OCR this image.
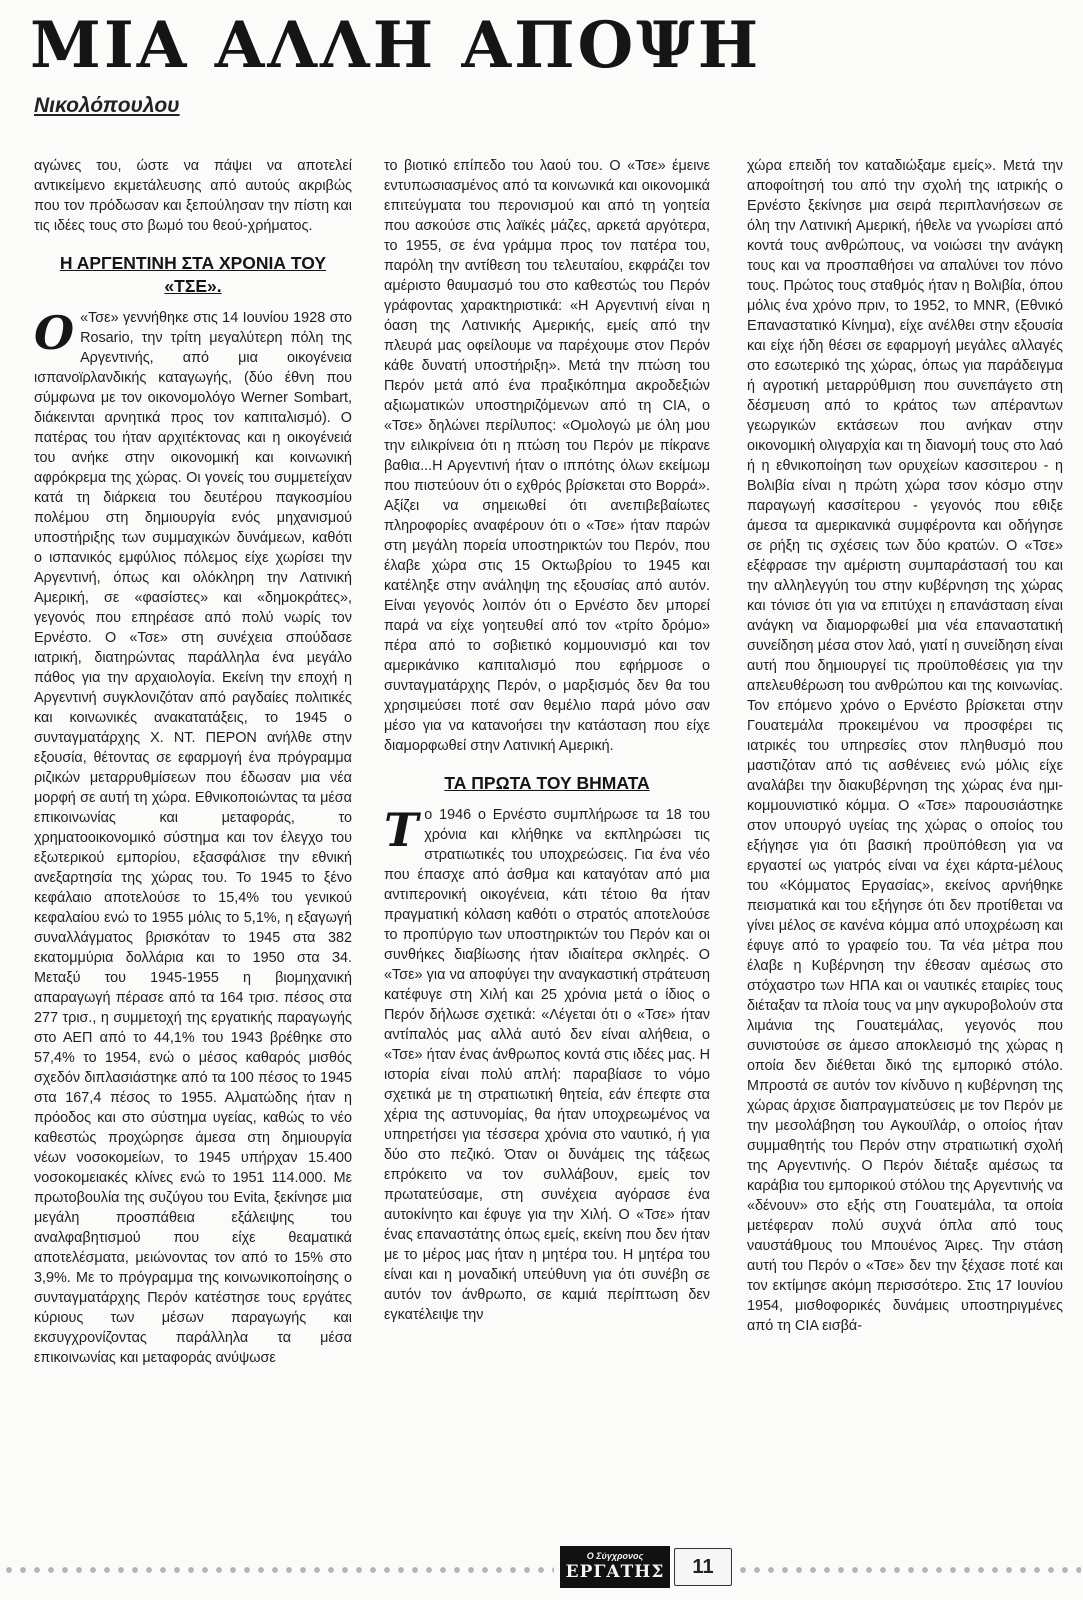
ΜΙΑ ΑΛΛΗ ΑΠΟΨΗ
Νικολόπουλου

αγώνες του, ώστε να πάψει να αποτελεί αντικείμενο εκμετάλευσης από αυτούς ακριβώς που τον πρόδωσαν και ξεπούλησαν την πίστη και τις ιδέες τους στο βωμό του θεού-χρήματος.

Η ΑΡΓΕΝΤΙΝΗ ΣΤΑ ΧΡΟΝΙΑ ΤΟΥ «ΤΣΕ».

Ο «Τσε» γεννήθηκε στις 14 Ιουνίου 1928 στο Rosario, την τρίτη μεγαλύτερη πόλη της Αργεντινής, από μια οικογένεια ισπανοϊρλανδικής καταγωγής, (δύο έθνη που σύμφωνα με τον οικονομολόγο Werner Sombart, διάκεινται αρνητικά προς τον καπιταλισμό). Ο πατέρας του ήταν αρχιτέκτονας και η οικογένειά του ανήκε στην οικονομική και κοινωνική αφρόκρεμα της χώρας. Οι γονείς του συμμετείχαν κατά τη διάρκεια του δευτέρου παγκοσμίου πολέμου στη δημιουργία ενός μηχανισμού υποστήριξης των συμμαχικών δυνάμεων, καθότι ο ισπανικός εμφύλιος πόλεμος είχε χωρίσει την Αργεντινή, όπως και ολόκληρη την Λατινική Αμερική, σε «φασίστες» και «δημοκράτες», γεγονός που επηρέασε από πολύ νωρίς τον Ερνέστο. Ο «Τσε» στη συνέχεια σπούδασε ιατρική, διατηρώντας παράλληλα ένα μεγάλο πάθος για την αρχαιολογία. Εκείνη την εποχή η Αργεντινή συγκλονιζόταν από ραγδαίες πολιτικές και κοινωνικές ανακατατάξεις, το 1945 ο συνταγματάρχης Χ. ΝΤ. ΠΕΡΟΝ ανήλθε στην εξουσία, θέτοντας σε εφαρμογή ένα πρόγραμμα ριζικών μεταρρυθμίσεων που έδωσαν μια νέα μορφή σε αυτή τη χώρα. Εθνικοποιώντας τα μέσα επικοινωνίας και μεταφοράς, το χρηματοοικονομικό σύστημα και τον έλεγχο του εξωτερικού εμπορίου, εξασφάλισε την εθνική ανεξαρτησία της χώρας του. Το 1945 το ξένο κεφάλαιο αποτελούσε το 15,4% του γενικού κεφαλαίου ενώ το 1955 μόλις το 5,1%, η εξαγωγή συναλλάγματος βρισκόταν το 1945 στα 382 εκατομμύρια δολλάρια και το 1950 στα 34. Μεταξύ του 1945-1955 η βιομηχανική απαραγωγή πέρασε από τα 164 τρισ. πέσος στα 277 τρισ., η συμμετοχή της εργατικής παραγωγής στο ΑΕΠ από το 44,1% του 1943 βρέθηκε στο 57,4% το 1954, ενώ ο μέσος καθαρός μισθός σχεδόν διπλασιάστηκε από τα 100 πέσος το 1945 στα 167,4 πέσος το 1955. Αλματώδης ήταν η πρόοδος και στο σύστημα υγείας, καθώς το νέο καθεστώς προχώρησε άμεσα στη δημιουργία νέων νοσοκομείων, το 1945 υπήρχαν 15.400 νοσοκομειακές κλίνες ενώ το 1951 114.000. Με πρωτοβουλία της συζύγου του Evita, ξεκίνησε μια μεγάλη προσπάθεια εξάλειψης του αναλφαβητισμού που είχε θεαματικά αποτελέσματα, μειώνοντας τον από το 15% στο 3,9%. Με το πρόγραμμα της κοινωνικοποίησης ο συνταγματάρχης Περόν κατέστησε τους εργάτες κύριους των μέσων παραγωγής και εκσυγχρονίζοντας παράλληλα τα μέσα επικοινωνίας και μεταφοράς ανύψωσε

το βιοτικό επίπεδο του λαού του. Ο «Τσε» έμεινε εντυπωσιασμένος από τα κοινωνικά και οικονομικά επιτεύγματα του περονισμού και από τη γοητεία που ασκούσε στις λαϊκές μάζες, αρκετά αργότερα, το 1955, σε ένα γράμμα προς τον πατέρα του, παρόλη την αντίθεση του τελευταίου, εκφράζει τον αμέριστο θαυμασμό του στο καθεστώς του Περόν γράφοντας χαρακτηριστικά: «Η Αργεντινή είναι η όαση της Λατινικής Αμερικής, εμείς από την πλευρά μας οφείλουμε να παρέχουμε στον Περόν κάθε δυνατή υποστήριξη». Μετά την πτώση του Περόν μετά από ένα πραξικόπημα ακροδεξιών αξιωματικών υποστηριζόμενων από τη CIA, ο «Τσε» δηλώνει περίλυπος: «Ομολογώ με όλη μου την ειλικρίνεια ότι η πτώση του Περόν με πίκρανε βαθια...Η Αργεντινή ήταν ο ιππότης όλων εκείμωμ που πιστεύουν ότι ο εχθρός βρίσκεται στο Βορρά». Αξίζει να σημειωθεί ότι ανεπιβεβαίωτες πληροφορίες αναφέρουν ότι ο «Τσε» ήταν παρών στη μεγάλη πορεία υποστηρικτών του Περόν, που έλαβε χώρα στις 15 Οκτωβρίου το 1945 και κατέληξε στην ανάληψη της εξουσίας από αυτόν. Είναι γεγονός λοιπόν ότι ο Ερνέστο δεν μπορεί παρά να είχε γοητευθεί από τον «τρίτο δρόμο» πέρα από το σοβιετικό κομμουνισμό και τον αμερικάνικο καπιταλισμό που εφήρμοσε ο συνταγματάρχης Περόν, ο μαρξισμός δεν θα του χρησιμεύσει ποτέ σαν θεμέλιο παρά μόνο σαν μέσο για να κατανοήσει την κατάσταση που είχε διαμορφωθεί στην Λατινική Αμερική.

ΤΑ ΠΡΩΤΑ ΤΟΥ ΒΗΜΑΤΑ

Το 1946 ο Ερνέστο συμπλήρωσε τα 18 του χρόνια και κλήθηκε να εκπληρώσει τις στρατιωτικές του υποχρεώσεις. Για ένα νέο που έπασχε από άσθμα και καταγόταν από μια αντιπερονική οικογένεια, κάτι τέτοιο θα ήταν πραγματική κόλαση καθότι ο στρατός αποτελούσε το προπύργιο των υποστηρικτών του Περόν και οι συνθήκες διαβίωσης ήταν ιδιαίτερα σκληρές. Ο «Τσε» για να αποφύγει την αναγκαστική στράτευση κατέφυγε στη Χιλή και 25 χρόνια μετά ο ίδιος ο Περόν δήλωσε σχετικά: «Λέγεται ότι ο «Τσε» ήταν αντίπαλός μας αλλά αυτό δεν είναι αλήθεια, ο «Τσε» ήταν ένας άνθρωπος κοντά στις ιδέες μας. Η ιστορία είναι πολύ απλή: παραβίασε το νόμο σχετικά με τη στρατιωτική θητεία, εάν έπεφτε στα χέρια της αστυνομίας, θα ήταν υποχρεωμένος να υπηρετήσει για τέσσερα χρόνια στο ναυτικό, ή για δύο στο πεζικό. Όταν οι δυνάμεις της τάξεως επρόκειτο να τον συλλάβουν, εμείς τον πρωτατεύσαμε, στη συνέχεια αγόρασε ένα αυτοκίνητο και έφυγε για την Χιλή. Ο «Τσε» ήταν ένας επαναστάτης όπως εμείς, εκείνη που δεν ήταν με το μέρος μας ήταν η μητέρα του. Η μητέρα του είναι και η μοναδική υπεύθυνη για ότι συνέβη σε αυτόν τον άνθρωπο, σε καμιά περίπτωση δεν εγκατέλειψε την

χώρα επειδή τον καταδιώξαμε εμείς». Μετά την αποφοίτησή του από την σχολή της ιατρικής ο Ερνέστο ξεκίνησε μια σειρά περιπλανήσεων σε όλη την Λατινική Αμερική, ήθελε να γνωρίσει από κοντά τους ανθρώπους, να νοιώσει την ανάγκη τους και να προσπαθήσει να απαλύνει τον πόνο τους. Πρώτος τους σταθμός ήταν η Βολιβία, όπου μόλις ένα χρόνο πριν, το 1952, το MNR, (Εθνικό Επαναστατικό Κίνημα), είχε ανέλθει στην εξουσία και είχε ήδη θέσει σε εφαρμογή μεγάλες αλλαγές στο εσωτερικό της χώρας, όπως για παράδειγμα ή αγροτική μεταρρύθμιση που συνεπάγετο στη δέσμευση από το κράτος των απέραντων γεωργικών εκτάσεων που ανήκαν στην οικονομική ολιγαρχία και τη διανομή τους στο λαό ή η εθνικοποίηση των ορυχείων κασσιτερου - η Βολιβία είναι η πρώτη χώρα τσον κόσμο στην παραγωγή κασσίτερου - γεγονός που εθιξε άμεσα τα αμερικανικά συμφέροντα και οδήγησε σε ρήξη τις σχέσεις των δύο κρατών. Ο «Τσε» εξέφρασε την αμέριστη συμπαράστασή του και την αλληλεγγύη του στην κυβέρνηση της χώρας και τόνισε ότι για να επιτύχει η επανάσταση είναι ανάγκη να διαμορφωθεί μια νέα επαναστατική συνείδηση μέσα στον λαό, γιατί η συνείδηση είναι αυτή που δημιουργεί τις προϋποθέσεις για την απελευθέρωση του ανθρώπου και της κοινωνίας. Τον επόμενο χρόνο ο Ερνέστο βρίσκεται στην Γουατεμάλα προκειμένου να προσφέρει τις ιατρικές του υπηρεσίες στον πληθυσμό που μαστιζόταν από τις ασθένειες ενώ μόλις είχε αναλάβει την διακυβέρνηση της χώρας ένα ημι-κομμουνιστικό κόμμα. Ο «Τσε» παρουσιάστηκε στον υπουργό υγείας της χώρας ο οποίος του εξήγησε για ότι βασική προϋπόθεση για να εργαστεί ως γιατρός είναι να έχει κάρτα-μέλους του «Κόμματος Εργασίας», εκείνος αρνήθηκε πεισματικά και του εξήγησε ότι δεν προτίθεται να γίνει μέλος σε κανένα κόμμα από υποχρέωση και έφυγε από το γραφείο του. Τα νέα μέτρα που έλαβε η Κυβέρνηση την έθεσαν αμέσως στο στόχαστρο των ΗΠΑ και οι ναυτικές εταιρίες τους διέταξαν τα πλοία τους να μην αγκυροβολούν στα λιμάνια της Γουατεμάλας, γεγονός που συνιστούσε σε άμεσο αποκλεισμό της χώρας η οποία δεν διέθεται δικό της εμπορικό στόλο. Μπροστά σε αυτόν τον κίνδυνο η κυβέρνηση της χώρας άρχισε διαπραγματεύσεις με τον Περόν με την μεσολάβηση του Αγκουϊλάρ, ο οποίος ήταν συμμαθητής του Περόν στην στρατιωτική σχολή της Αργεντινής. Ο Περόν διέταξε αμέσως τα καράβια του εμπορικού στόλου της Αργεντινής να «δένουν» στο εξής στη Γουατεμάλα, τα οποία μετέφεραν πολύ συχνά όπλα από τους ναυστάθμους του Μπουένος Άιρες. Την στάση αυτή του Περόν ο «Τσε» δεν την ξέχασε ποτέ και τον εκτίμησε ακόμη περισσότερο. Στις 17 Ιουνίου 1954, μισθοφορικές δυνάμεις υποστηριγμένες από τη CIA εισβά-

Ο Σύγχρονος
ΕΡΓΑΤΗΣ	11
